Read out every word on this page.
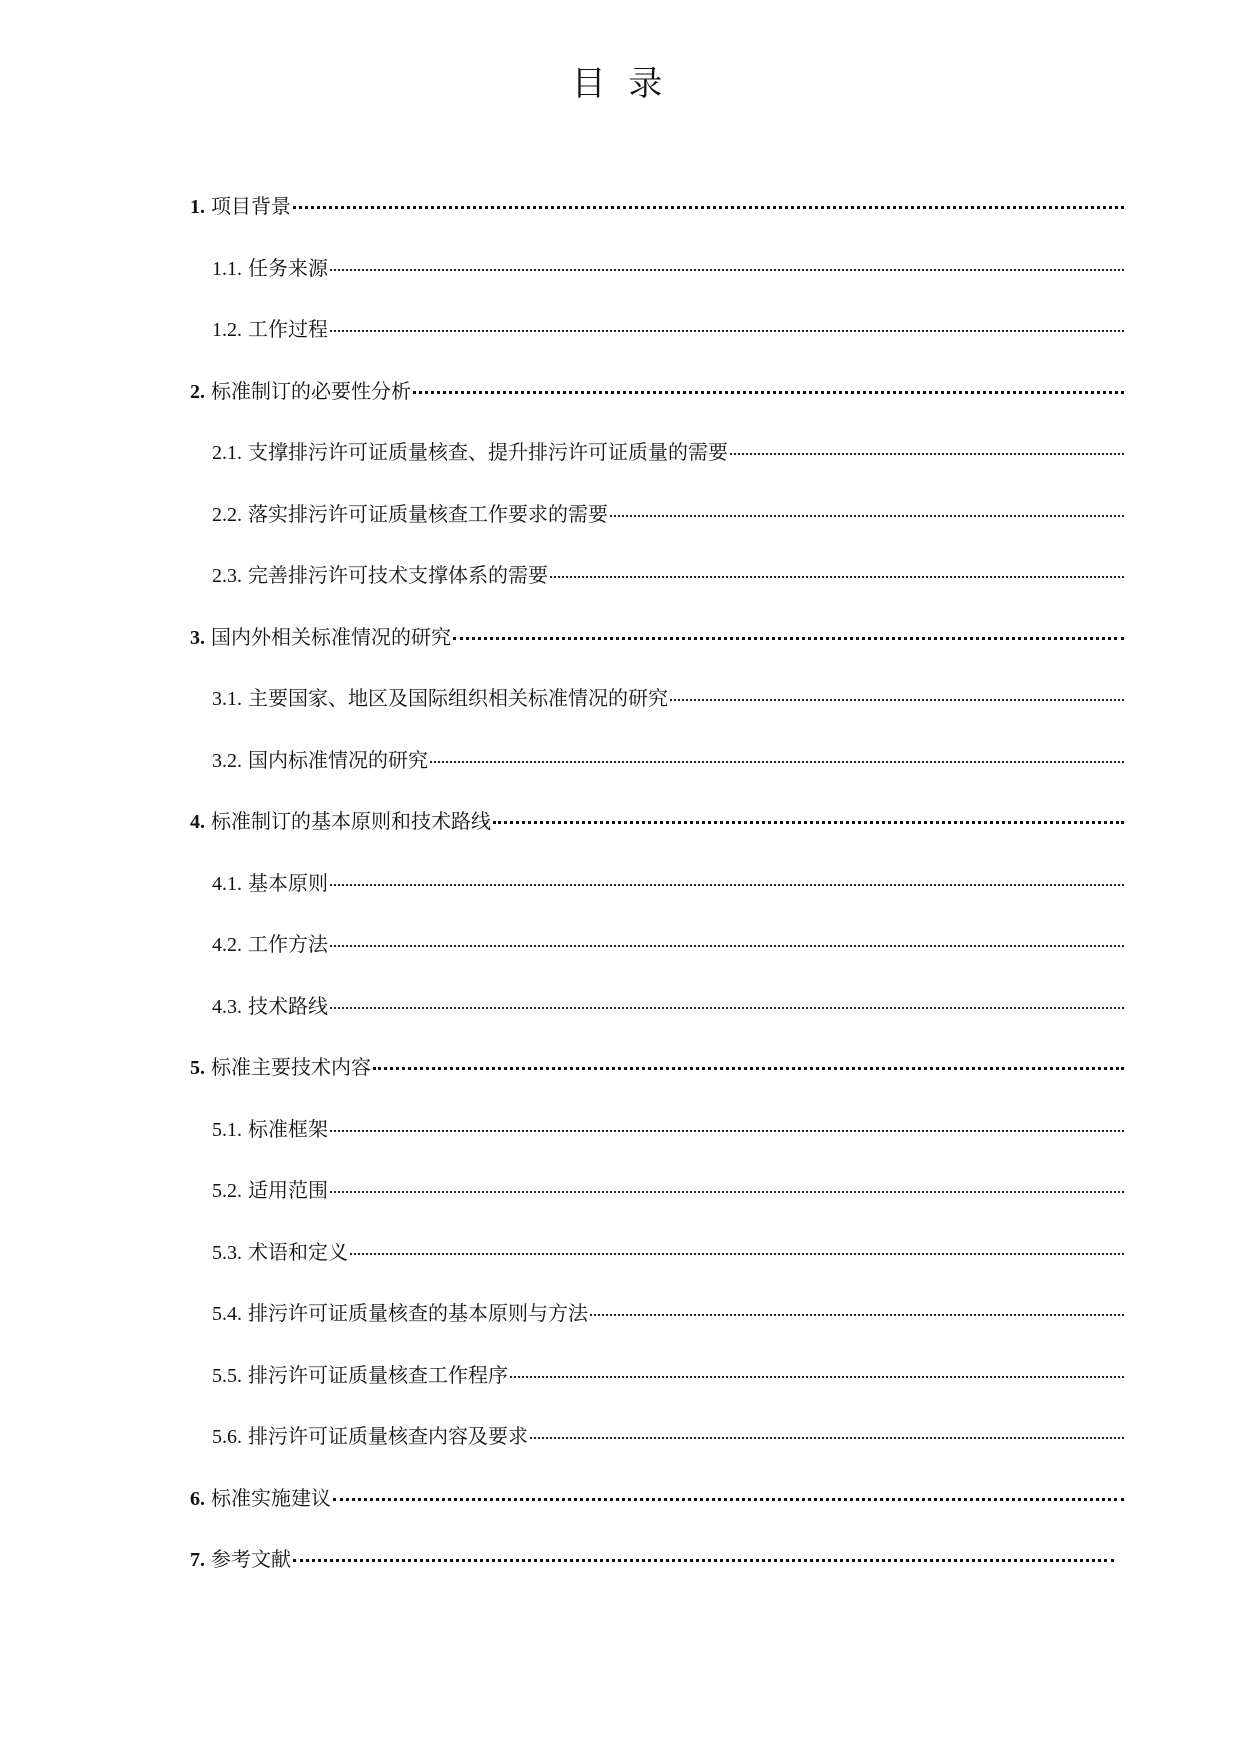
目 录
1. 项目背景
1.1. 任务来源
1.2. 工作过程
2. 标准制订的必要性分析
2.1. 支撑排污许可证质量核查、提升排污许可证质量的需要
2.2. 落实排污许可证质量核查工作要求的需要
2.3. 完善排污许可技术支撑体系的需要
3. 国内外相关标准情况的研究
3.1. 主要国家、地区及国际组织相关标准情况的研究
3.2. 国内标准情况的研究
4. 标准制订的基本原则和技术路线
4.1. 基本原则
4.2. 工作方法
4.3. 技术路线
5. 标准主要技术内容
5.1. 标准框架
5.2. 适用范围
5.3. 术语和定义
5.4. 排污许可证质量核查的基本原则与方法
5.5. 排污许可证质量核查工作程序
5.6. 排污许可证质量核查内容及要求
6. 标准实施建议
7. 参考文献
